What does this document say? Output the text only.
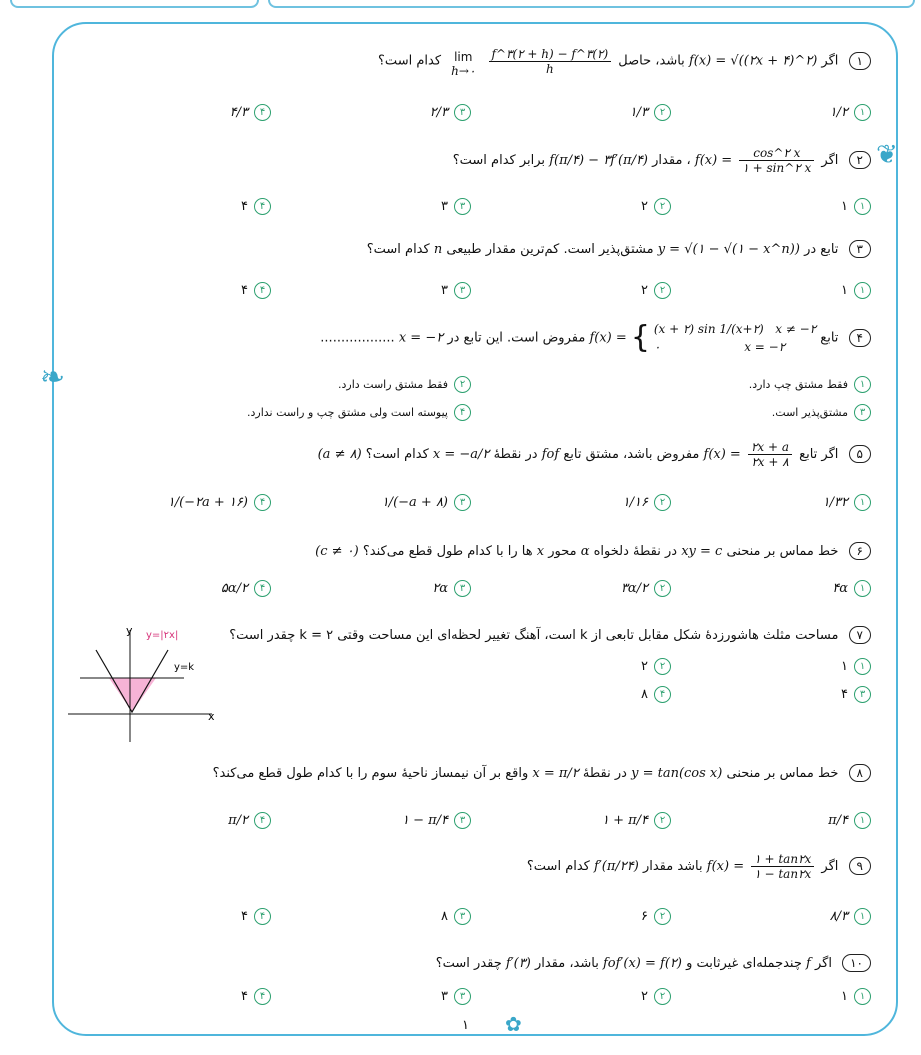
❦
❧
✿
۱ اگر f(x) = √((۲x + ۴)^۲) باشد، حاصل
$\frac{f\^{}۳(۲ + h) - f\^{}۳(۲)}{h}$

lim
h→۰
کدام است؟
۱۱/۲
۲۱/۳
۳۲/۳
۴۴/۳
۲ اگر
$\frac{\cos\^{}۲ x}{۱ + \sin\^{}۲ x}$
f(x) = ، مقدار f(π/۴) − ۳f′(π/۴) برابر کدام است؟
۱۱
۲۲
۳۳
۴۴
۳ تابع در y = √(۱ − √(۱ − x^n)) مشتق‌پذیر است. کم‌ترین مقدار طبیعی n کدام است؟
۱۱
۲۲
۳۳
۴۴
۴ تابع { (x + ۲) sin 1/(x+۲) x ≠ −۲
۰	x = −۲
f(x) = مفروض است. این تابع در x = −۲ ..................
۱فقط مشتق چپ دارد.
۲فقط مشتق راست دارد.
۳مشتق‌پذیر است.
۴پیوسته است ولی مشتق چپ و راست ندارد.
۵ اگر تابع
$\frac{۲x + a}{۲x + ۸}$
f(x) = مفروض باشد، مشتق تابع fof در نقطهٔ x = −a/۲ کدام است؟ (a ≠ ۸)
۱۱/۳۲
۲۱/۱۶
۳۱/(−a + ۸)
۴۱/(−۲a + ۱۶)
۶ خط مماس بر منحنی xy = c در نقطهٔ دلخواه α محور x ها را با کدام طول قطع می‌کند؟ (c ≠ ۰)
۱۴α
۲۳α/۲
۳۲α
۴۵α/۲
۷ مساحت مثلث هاشورزدهٔ شکل مقابل تابعی از k است، آهنگ تغییر لحظه‌ای این مساحت وقتی k = ۲ چقدر است؟
۱۱
۲۲
۳۴
۴۸
y
x
y=|۲x|
y=k
۸ خط مماس بر منحنی y = tan(cos x) در نقطهٔ x = π/۲ واقع بر آن نیمساز ناحیهٔ سوم را با کدام طول قطع می‌کند؟
۱π/۴
۲۱ + π/۴
۳۱ − π/۴
۴π/۲
۹ اگر
$\frac{۱ + \tan ۲x}{۱ - \tan ۲x}$
f(x) = باشد مقدار f′(π/۲۴) کدام است؟
۱۸/۳
۲۶
۳۸
۴۴
۱۰ اگر f چندجمله‌ای غیرثابت و fof′(x) = f(۲) باشد، مقدار f′(۳) چقدر است؟
۱۱
۲۲
۳۳
۴۴
۱
